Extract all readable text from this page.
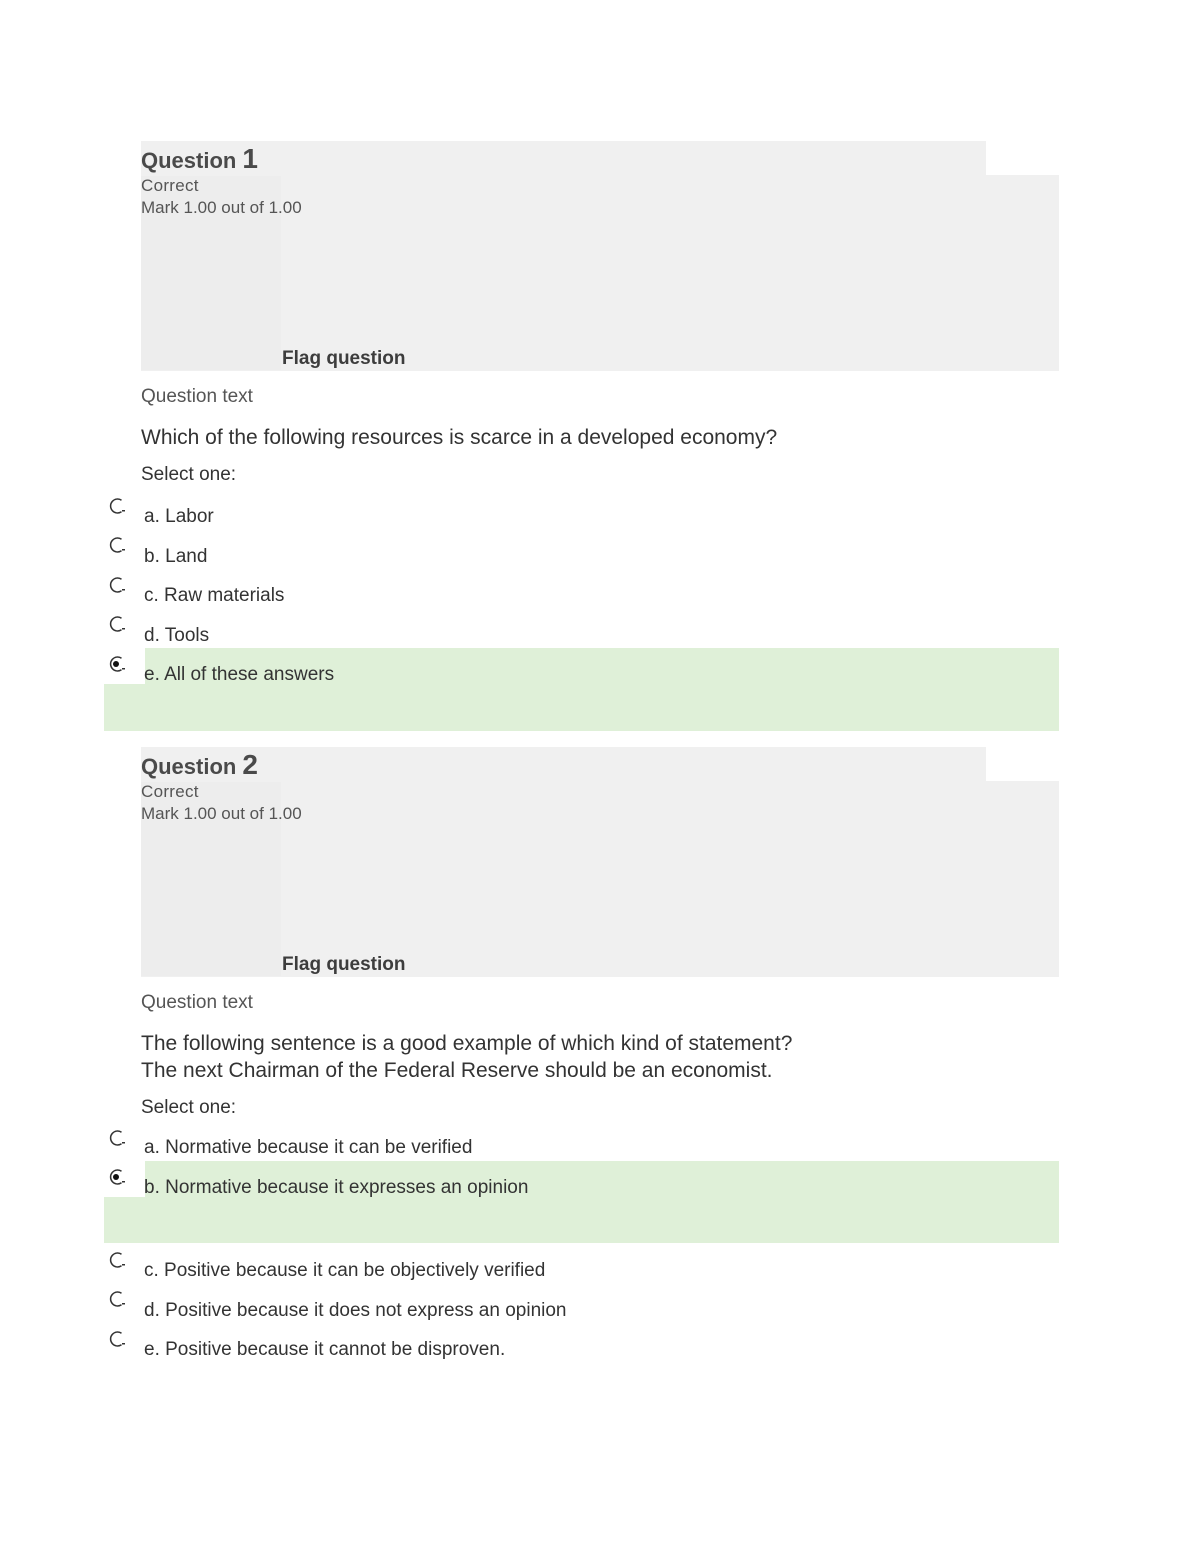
Question 1
Correct
Mark 1.00 out of 1.00
Flag question
Question text
Which of the following resources is scarce in a developed economy?
Select one:
a. Labor
b. Land
c. Raw materials
d. Tools
e. All of these answers
Question 2
Correct
Mark 1.00 out of 1.00
Flag question
Question text
The following sentence is a good example of which kind of statement?
The next Chairman of the Federal Reserve should be an economist.
Select one:
a. Normative because it can be verified
b. Normative because it expresses an opinion
c. Positive because it can be objectively verified
d. Positive because it does not express an opinion
e. Positive because it cannot be disproven.
